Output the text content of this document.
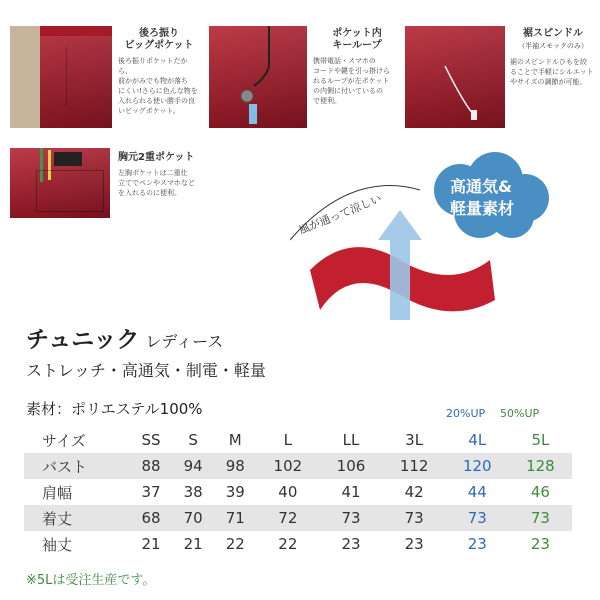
後ろ振り
ビッグポケット
後ろ振りポケットだから、
前かがみでも物が落ち
にくい!さらに色んな物を
入れられる使い勝手の良
いビッグポケット。
ポケット内
キーループ
携帯電話・スマホの
コードや鍵を引っ掛けら
れるループが左ポケット
の内側に付いているの
で便利。
裾スピンドル
（半袖スモックのみ）
裾のスピンドルひもを絞
ることで手軽にシルエット
やサイズの調節が可能。
胸元2重ポケット
左胸ポケットは二重仕
立てでペンやスマホなど
を入れるのに便利。	風が通って涼しい
高通気&
軽量素材
チュニック レディース
ストレッチ・高通気・制電・軽量
素材：ポリエステル100%	20%UP 50%UP
サイズ	SS	S	M	L	LL	3L	4L	5L
バスト	88	94	98	102	106	112	120	128
肩幅	37	38	39	40	41	42	44	46
着丈	68	70	71	72	73	73	73	73
袖丈	21	21	22	22	23	23	23	23
※5Lは受注生産です。
